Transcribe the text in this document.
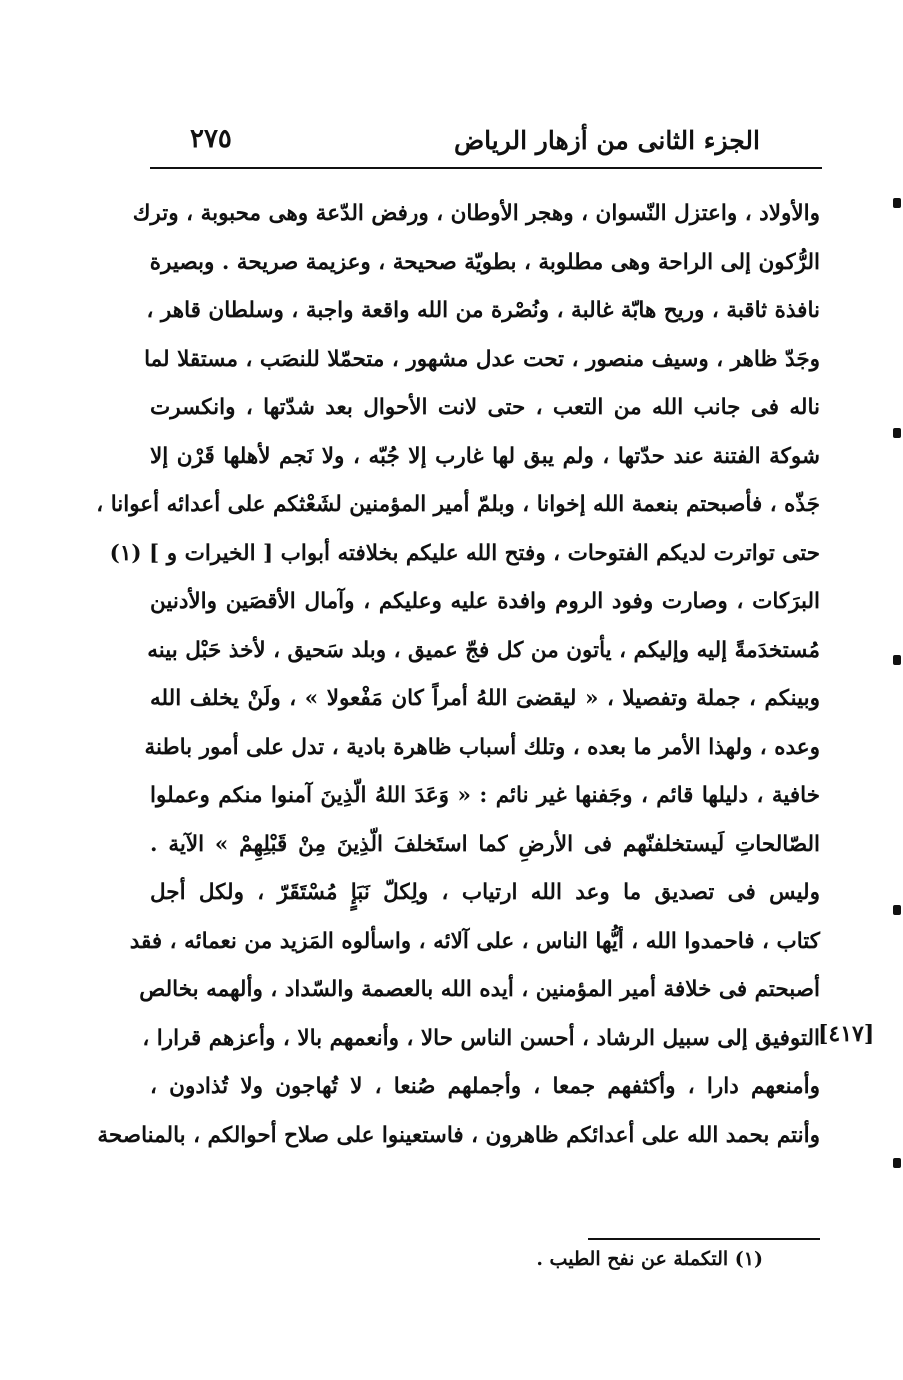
الجزء الثانى من أزهار الرياض
٢٧٥
والأولاد ، واعتزل النّسوان ، وهجر الأوطان ، ورفض الدّعة وهى محبوبة ، وترك
الرُّكون إلى الراحة وهى مطلوبة ، بطويّة صحيحة ، وعزيمة صريحة . وبصيرة
نافذة ثاقبة ، وريح هابّة غالبة ، ونُصْرة من الله واقعة واجبة ، وسلطان قاهر ،
وجَدّ ظاهر ، وسيف منصور ، تحت عدل مشهور ، متحمّلا للنصَب ، مستقلا لما
ناله فى جانب الله من التعب ، حتى لانت الأحوال بعد شدّتها ، وانكسرت
شوكة الفتنة عند حدّتها ، ولم يبق لها غارب إلا جُبّه ، ولا نَجم لأهلها قَرْن إلا
جَذّه ، فأصبحتم بنعمة الله إخوانا ، وبلمّ أمير المؤمنين لشَعْثكم على أعدائه أعوانا ،
حتى تواترت لديكم الفتوحات ، وفتح الله عليكم بخلافته أبواب [ الخيرات و ] (١)
البرَكات ، وصارت وفود الروم وافدة عليه وعليكم ، وآمال الأقصَين والأدنين
مُستخدَمةً إليه وإليكم ، يأتون من كل فجّ عميق ، وبلد سَحيق ، لأخذ حَبْل بينه
وبينكم ، جملة وتفصيلا ، « ليقضىَ اللهُ أمراً كان مَفْعولا » ، ولَنْ يخلف الله
وعده ، ولهذا الأمر ما بعده ، وتلك أسباب ظاهرة بادية ، تدل على أمور باطنة
خافية ، دليلها قائم ، وجَفنها غير نائم : « وَعَدَ اللهُ الّذِينَ آمنوا منكم وعملوا
الصّالحاتِ لَيستخلفنّهم فى الأرضِ كما استَخلفَ الّذِينَ مِنْ قَبْلِهِمْ » الآية .
وليس فى تصديق ما وعد الله ارتياب ، ولِكلّ نَبَإٍ مُسْتَقَرّ ، ولكل أجل
كتاب ، فاحمدوا الله ، أيُّها الناس ، على آلائه ، واسألوه المَزيد من نعمائه ، فقد
أصبحتم فى خلافة أمير المؤمنين ، أيده الله بالعصمة والسّداد ، وألهمه بخالص
التوفيق إلى سبيل الرشاد ، أحسن الناس حالا ، وأنعمهم بالا ، وأعزهم قرارا ،
وأمنعهم دارا ، وأكثفهم جمعا ، وأجملهم صُنعا ، لا تُهاجون ولا تُذادون ،
وأنتم بحمد الله على أعدائكم ظاهرون ، فاستعينوا على صلاح أحوالكم ، بالمناصحة
[٤١٧]
(١) التكملة عن نفح الطيب .
